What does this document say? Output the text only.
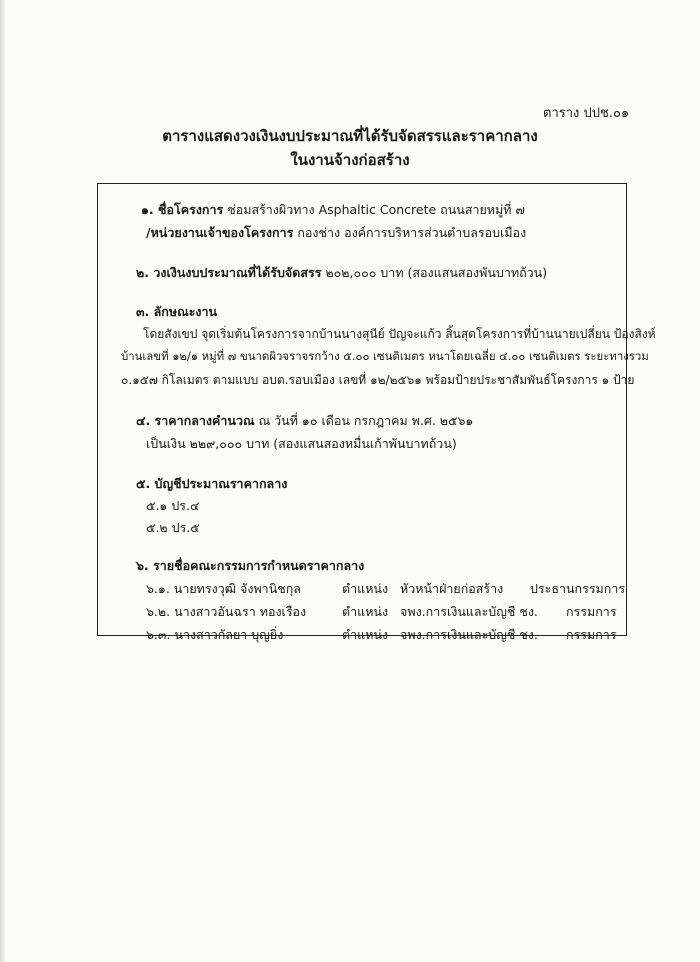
ตาราง ปปช.๐๑
ตารางแสดงวงเงินงบประมาณที่ได้รับจัดสรรและราคากลาง
ในงานจ้างก่อสร้าง
๑. ชื่อโครงการ ซ่อมสร้างผิวทาง Asphaltic Concrete ถนนสายหมู่ที่ ๗
/หน่วยงานเจ้าของโครงการ กองช่าง องค์การบริหารส่วนตำบลรอบเมือง
๒. วงเงินงบประมาณที่ได้รับจัดสรร ๒๐๒,๐๐๐ บาท (สองแสนสองพันบาทถ้วน)
๓. ลักษณะงาน
โดยสังเขป จุดเริ่มต้นโครงการจากบ้านนางสุนีย์ ปัญจะแก้ว สิ้นสุดโครงการที่บ้านนายเปลี่ยน ป้องสิงห์
บ้านเลขที่ ๑๒/๑ หมู่ที่ ๗ ขนาดผิวจราจรกว้าง ๕.๐๐ เซนติเมตร หนาโดยเฉลี่ย ๔.๐๐ เซนติเมตร ระยะทางรวม
๐.๑๕๗ กิโลเมตร ตามแบบ อบต.รอบเมือง เลขที่ ๑๒/๒๕๖๑ พร้อมป้ายประชาสัมพันธ์โครงการ ๑ ป้าย
๔. ราคากลางคำนวณ ณ วันที่ ๑๐ เดือน กรกฎาคม พ.ศ. ๒๕๖๑
เป็นเงิน ๒๒๙,๐๐๐ บาท (สองแสนสองหมื่นเก้าพันบาทถ้วน)
๕. บัญชีประมาณราคากลาง
๕.๑ ปร.๔
๕.๒ ปร.๕
๖. รายชื่อคณะกรรมการกำหนดราคากลาง
๖.๑. นายทรงวุฒิ จังพานิชกุล	ตำแหน่ง หัวหน้าฝ่ายก่อสร้าง ประธานกรรมการ
๖.๒. นางสาวอันฉรา ทองเรือง	ตำแหน่ง จพง.การเงินและบัญชี ชง. กรรมการ
๖.๓. นางสาวกัลยา บุญยิ่ง	ตำแหน่ง จพง.การเงินและบัญชี ชง. กรรมการ
